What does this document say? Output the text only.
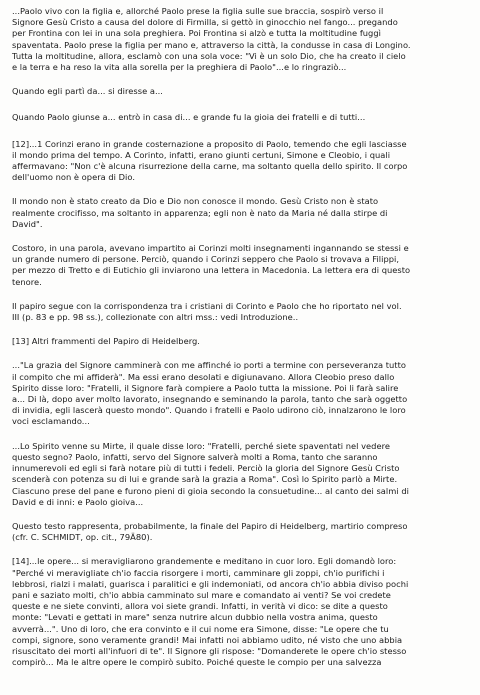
...Paolo vivo con la figlia e, allorché Paolo prese la figlia sulle sue braccia, sospirò verso il
Signore Gesù Cristo a causa del dolore di Firmilla, si gettò in ginocchio nel fango... pregando
per Frontina con lei in una sola preghiera. Poi Frontina si alzò e tutta la moltitudine fuggì
spaventata. Paolo prese la figlia per mano e, attraverso la città, la condusse in casa di Longino.
Tutta la moltitudine, allora, esclamò con una sola voce: "Vi è un solo Dio, che ha creato il cielo
e la terra e ha reso la vita alla sorella per la preghiera di Paolo"...e lo ringraziò...

Quando egli partì da... si diresse a...

Quando Paolo giunse a... entrò in casa di... e grande fu la gioia dei fratelli e di tutti...

[12]...1 Corinzi erano in grande costernazione a proposito di Paolo, temendo che egli lasciasse
il mondo prima del tempo. A Corinto, infatti, erano giunti certuni, Simone e Cleobio, i quali
affermavano: "Non c'è alcuna risurrezione della carne, ma soltanto quella dello spirito. Il corpo
dell'uomo non è opera di Dio.

Il mondo non è stato creato da Dio e Dio non conosce il mondo. Gesù Cristo non è stato
realmente crocifisso, ma soltanto in apparenza; egli non è nato da Maria né dalla stirpe di
David".

Costoro, in una parola, avevano impartito ai Corinzi molti insegnamenti ingannando se stessi e
un grande numero di persone. Perciò, quando i Corinzi seppero che Paolo si trovava a Filippi,
per mezzo di Tretto e di Eutichio gli inviarono una lettera in Macedonia. La lettera era di questo
tenore.

Il papiro segue con la corrispondenza tra i cristiani di Corinto e Paolo che ho riportato nel vol.
III (p. 83 e pp. 98 ss.), collezionate con altri mss.: vedi Introduzione..

[13] Altri frammenti del Papiro di Heidelberg.

..."La grazia del Signore camminerà con me affinché io porti a termine con perseveranza tutto
il compito che mi affiderà". Ma essi erano desolati e digiunavano. Allora Cleobio preso dallo
Spirito disse loro: "Fratelli, il Signore farà compiere a Paolo tutta la missione. Poi li farà salire
a... Di là, dopo aver molto lavorato, insegnando e seminando la parola, tanto che sarà oggetto
di invidia, egli lascerà questo mondo". Quando i fratelli e Paolo udirono ciò, innalzarono le loro
voci esclamando...

...Lo Spirito venne su Mirte, il quale disse loro: "Fratelli, perché siete spaventati nel vedere
questo segno? Paolo, infatti, servo del Signore salverà molti a Roma, tanto che saranno
innumerevoli ed egli si farà notare più di tutti i fedeli. Perciò la gloria del Signore Gesù Cristo
scenderà con potenza su di lui e grande sarà la grazia a Roma". Così lo Spirito parlò a Mirte.
Ciascuno prese del pane e furono pieni di gioia secondo la consuetudine... al canto dei salmi di
David e di inni: e Paolo gioiva...

Questo testo rappresenta, probabilmente, la finale del Papiro di Heidelberg, martirio compreso
(cfr. C. SCHMIDT, op. cit., 79Ä80).

[14]...le opere... si meravigliarono grandemente e meditano in cuor loro. Egli domandò loro:
"Perché vi meravigliate ch'io faccia risorgere i morti, camminare gli zoppi, ch'io purifichi i
lebbrosi, rialzi i malati, guarisca i paralitici e gli indemoniati, od ancora ch'io abbia diviso pochi
pani e saziato molti, ch'io abbia camminato sul mare e comandato ai venti? Se voi credete
queste e ne siete convinti, allora voi siete grandi. Infatti, in verità vi dico: se dite a questo
monte: "Levati e gettati in mare" senza nutrire alcun dubbio nella vostra anima, questo
avverrà...". Uno di loro, che era convinto e il cui nome era Simone, disse: "Le opere che tu
compi, signore, sono veramente grandi! Mai infatti noi abbiamo udito, né visto che uno abbia
risuscitato dei morti all'infuori di te". Il Signore gli rispose: "Domanderete le opere ch'io stesso
compirò... Ma le altre opere le compirò subito. Poiché queste le compio per una salvezza
